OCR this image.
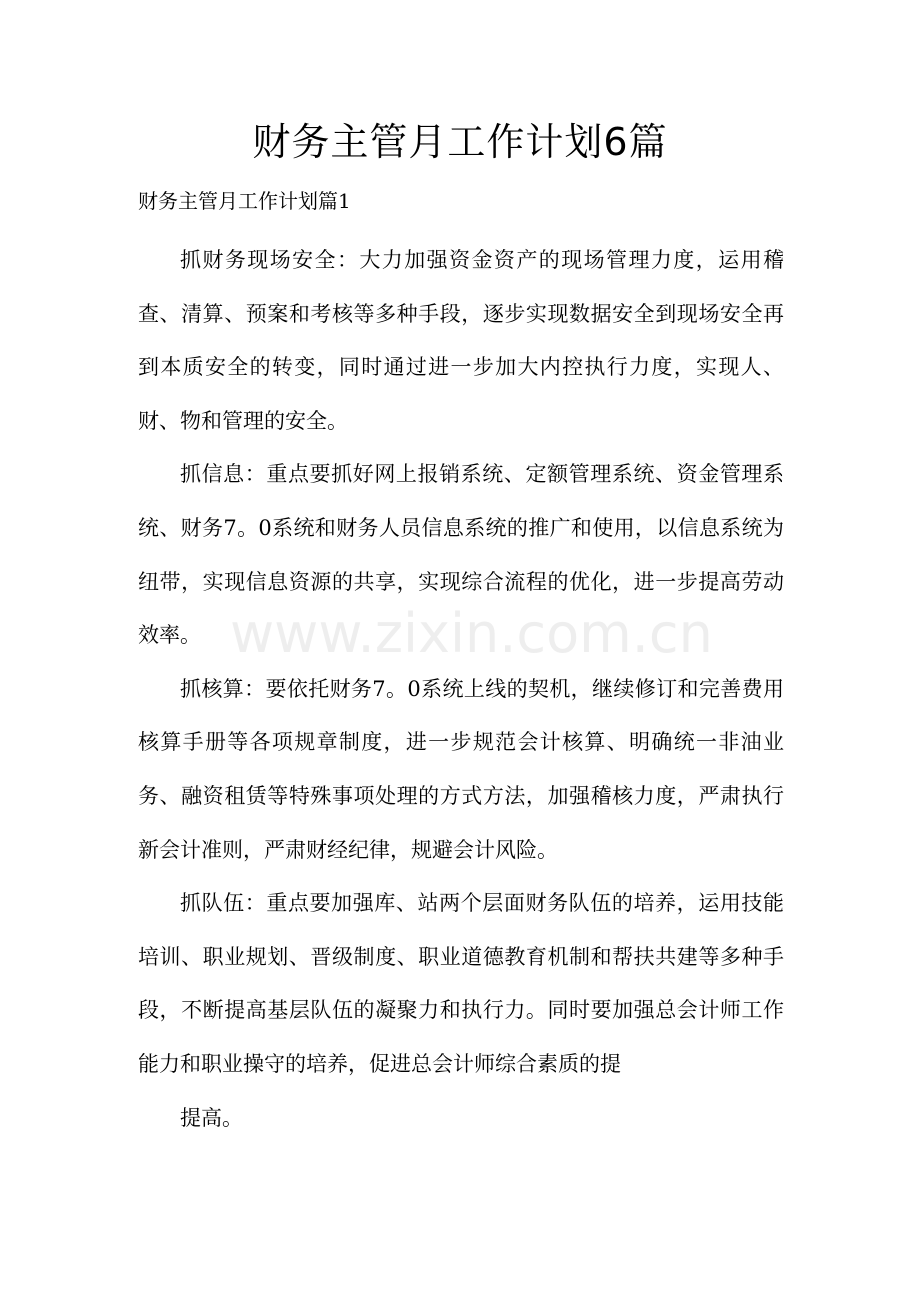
财务主管月工作计划6篇

财务主管月工作计划篇1

抓财务现场安全：大力加强资金资产的现场管理力度，运用稽查、清算、预案和考核等多种手段，逐步实现数据安全到现场安全再到本质安全的转变，同时通过进一步加大内控执行力度，实现人、财、物和管理的安全。

抓信息：重点要抓好网上报销系统、定额管理系统、资金管理系统、财务7。0系统和财务人员信息系统的推广和使用，以信息系统为纽带，实现信息资源的共享，实现综合流程的优化，进一步提高劳动效率。

抓核算：要依托财务7。0系统上线的契机，继续修订和完善费用核算手册等各项规章制度，进一步规范会计核算、明确统一非油业务、融资租赁等特殊事项处理的方式方法，加强稽核力度，严肃执行新会计准则，严肃财经纪律，规避会计风险。

抓队伍：重点要加强库、站两个层面财务队伍的培养，运用技能培训、职业规划、晋级制度、职业道德教育机制和帮扶共建等多种手段，不断提高基层队伍的凝聚力和执行力。同时要加强总会计师工作能力和职业操守的培养，促进总会计师综合素质的提

提高。

www.zixin.com.cn
